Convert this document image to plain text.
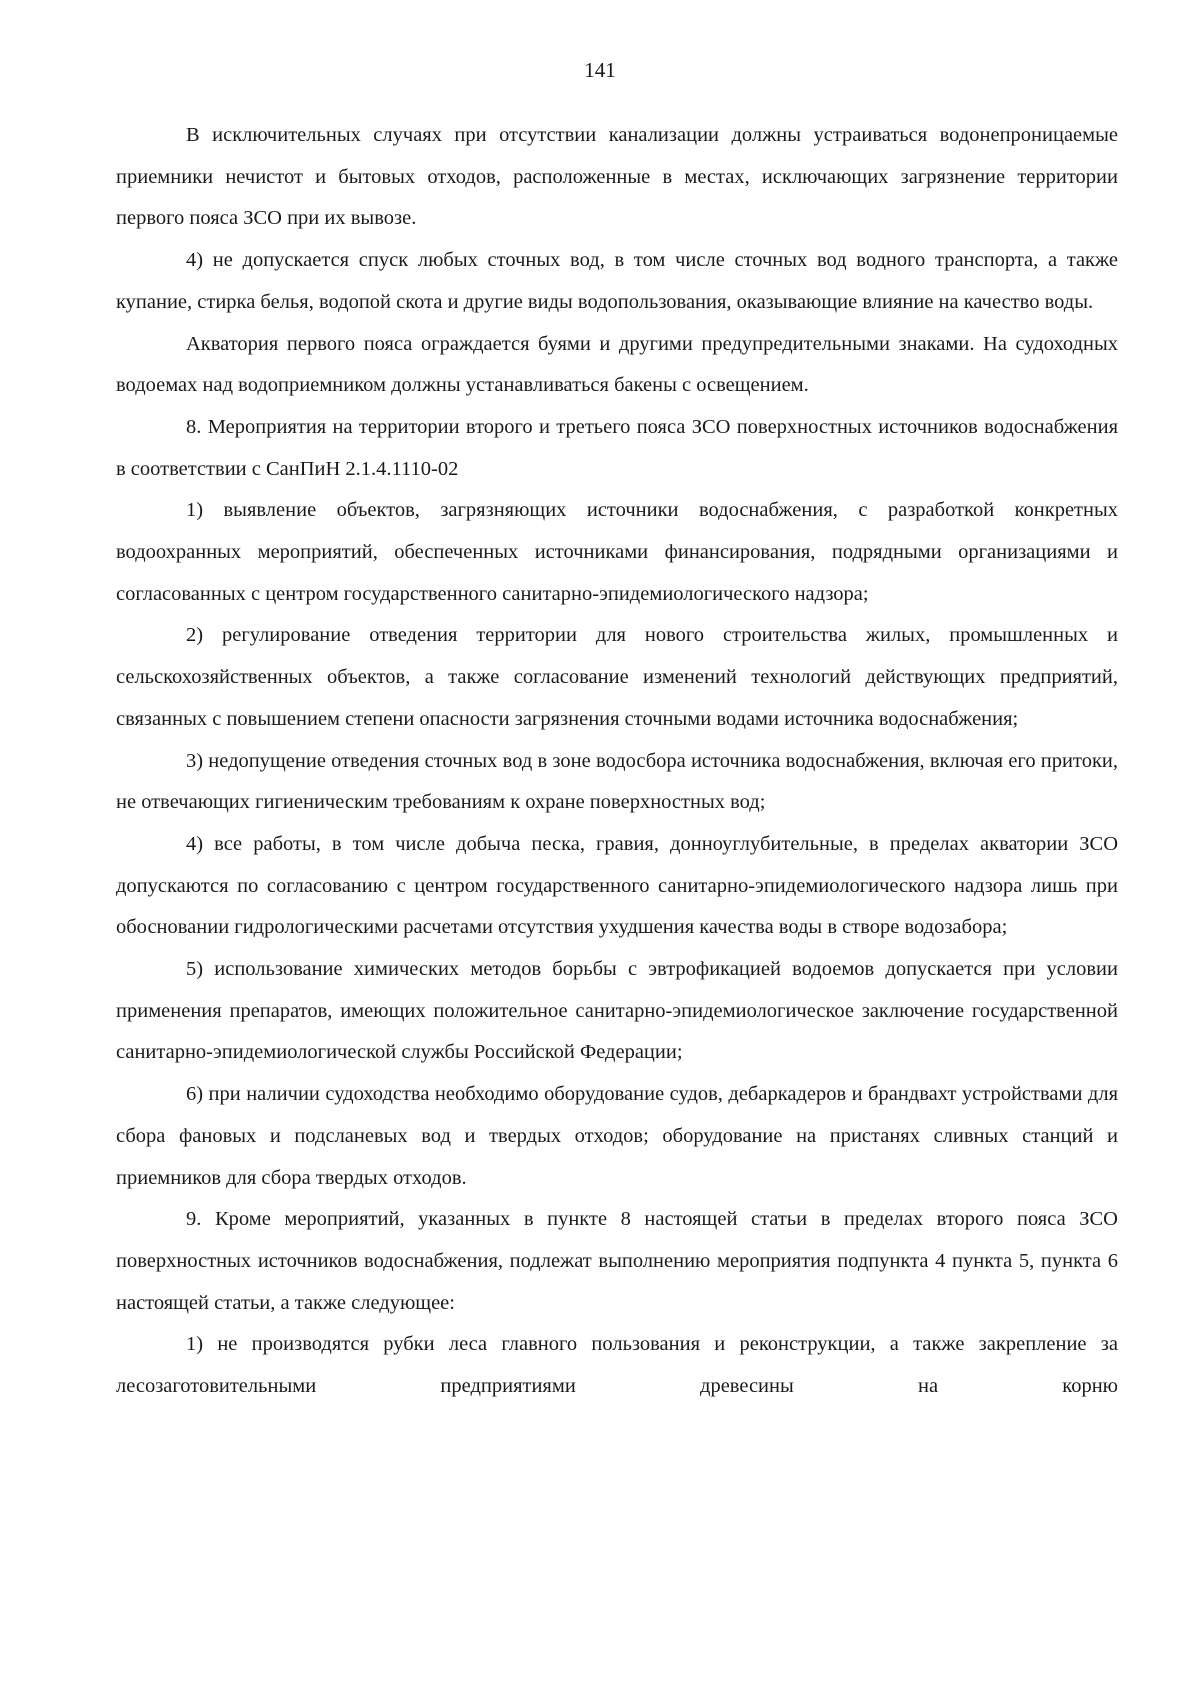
141

В исключительных случаях при отсутствии канализации должны устраиваться водонепроницаемые приемники нечистот и бытовых отходов, расположенные в местах, исключающих загрязнение территории первого пояса ЗСО при их вывозе.

4) не допускается спуск любых сточных вод, в том числе сточных вод водного транспорта, а также купание, стирка белья, водопой скота и другие виды водопользования, оказывающие влияние на качество воды.

Акватория первого пояса ограждается буями и другими предупредительными знаками. На судоходных водоемах над водоприемником должны устанавливаться бакены с освещением.

8. Мероприятия на территории второго и третьего пояса ЗСО поверхностных источников водоснабжения в соответствии с СанПиН 2.1.4.1110-02

1) выявление объектов, загрязняющих источники водоснабжения, с разработкой конкретных водоохранных мероприятий, обеспеченных источниками финансирования, подрядными организациями и согласованных с центром государственного санитарно-эпидемиологического надзора;

2) регулирование отведения территории для нового строительства жилых, промышленных и сельскохозяйственных объектов, а также согласование изменений технологий действующих предприятий, связанных с повышением степени опасности загрязнения сточными водами источника водоснабжения;

3) недопущение отведения сточных вод в зоне водосбора источника водоснабжения, включая его притоки, не отвечающих гигиеническим требованиям к охране поверхностных вод;

4) все работы, в том числе добыча песка, гравия, донноуглубительные, в пределах акватории ЗСО допускаются по согласованию с центром государственного санитарно-эпидемиологического надзора лишь при обосновании гидрологическими расчетами отсутствия ухудшения качества воды в створе водозабора;

5) использование химических методов борьбы с эвтрофикацией водоемов допускается при условии применения препаратов, имеющих положительное санитарно-эпидемиологическое заключение государственной санитарно-эпидемиологической службы Российской Федерации;

6) при наличии судоходства необходимо оборудование судов, дебаркадеров и брандвахт устройствами для сбора фановых и подсланевых вод и твердых отходов; оборудование на пристанях сливных станций и приемников для сбора твердых отходов.

9. Кроме мероприятий, указанных в пункте 8 настоящей статьи в пределах второго пояса ЗСО поверхностных источников водоснабжения, подлежат выполнению мероприятия подпункта 4 пункта 5, пункта 6 настоящей статьи, а также следующее:

1) не производятся рубки леса главного пользования и реконструкции, а также закрепление за лесозаготовительными предприятиями древесины на корню
